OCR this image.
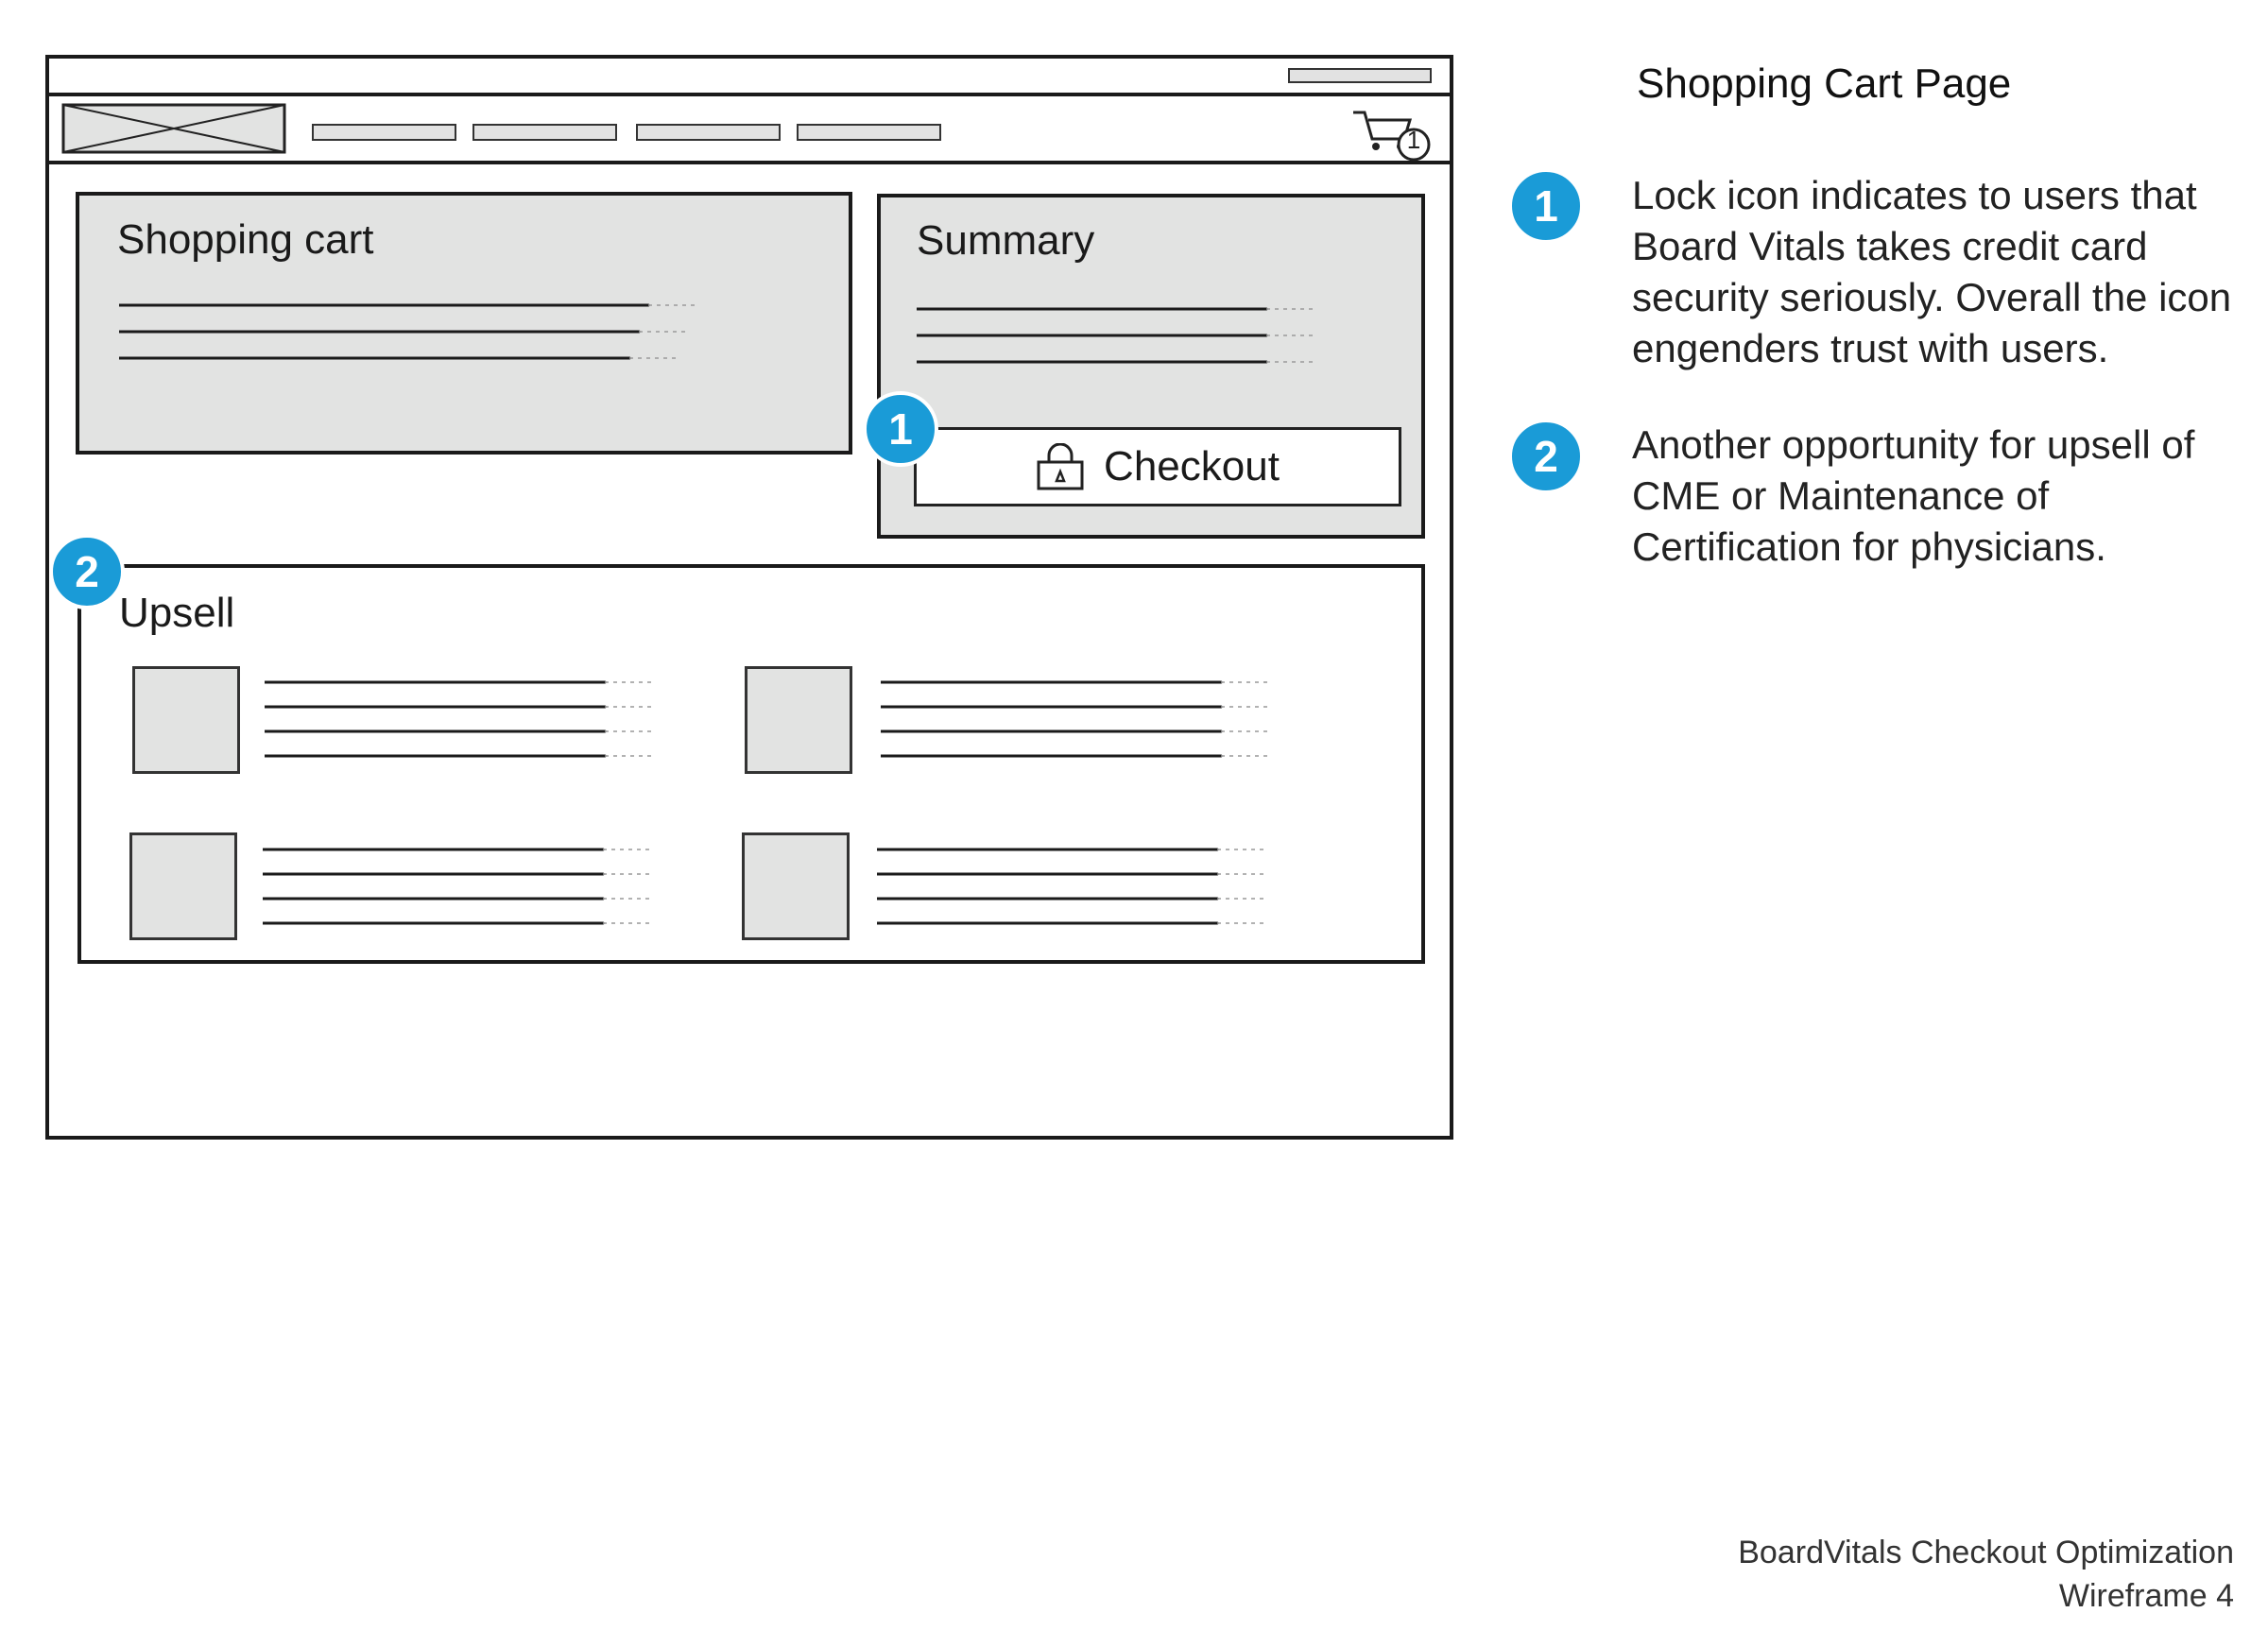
1
Shopping cart	Summary
Checkout
Upsell
1
2
Shopping Cart Page
1	Lock icon indicates to users that Board Vitals takes credit card security seriously. Overall the icon engenders trust with users.
2	Another opportunity for upsell of CME or Maintenance of Certification for physicians.
BoardVitals Checkout Optimization
Wireframe 4
